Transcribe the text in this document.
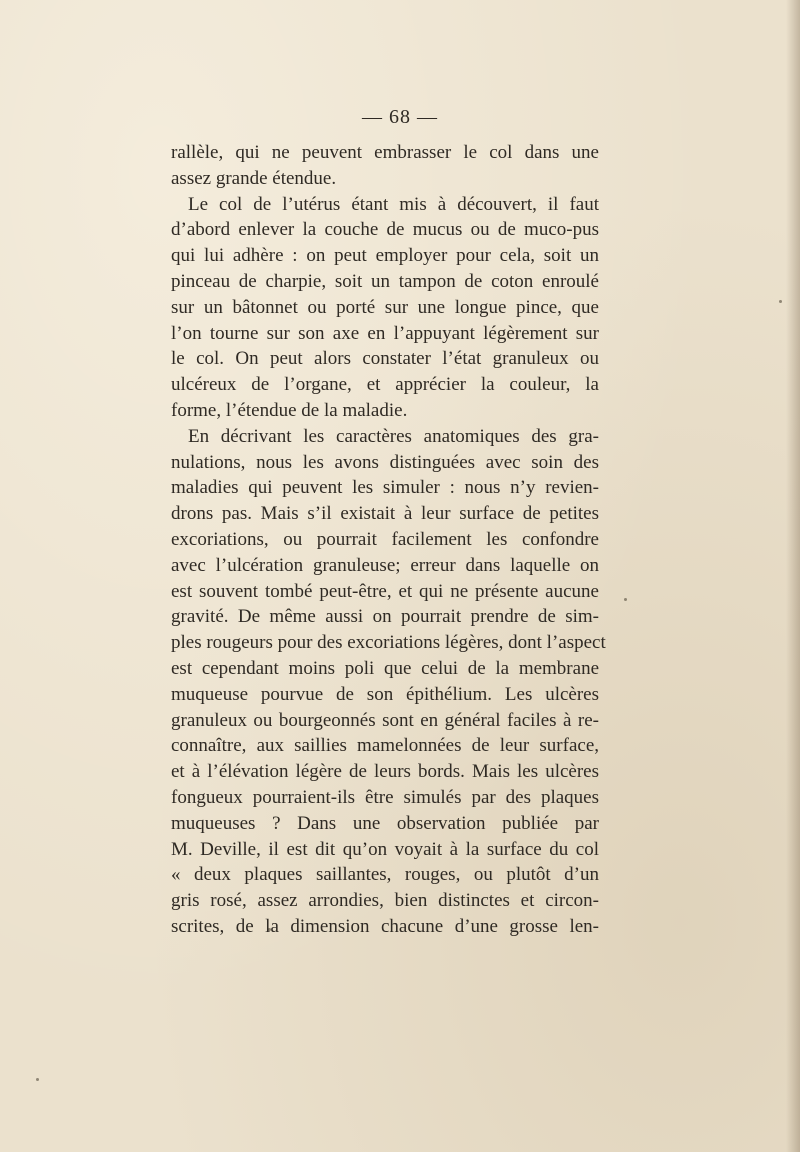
— 68 —
rallèle, qui ne peuvent embrasser le col dans une
assez grande étendue.
Le col de l’utérus étant mis à découvert, il faut
d’abord enlever la couche de mucus ou de muco-pus
qui lui adhère : on peut employer pour cela, soit un
pinceau de charpie, soit un tampon de coton enroulé
sur un bâtonnet ou porté sur une longue pince, que
l’on tourne sur son axe en l’appuyant légèrement sur
le col. On peut alors constater l’état granuleux ou
ulcéreux de l’organe, et apprécier la couleur, la
forme, l’étendue de la maladie.
En décrivant les caractères anatomiques des gra-
nulations, nous les avons distinguées avec soin des
maladies qui peuvent les simuler : nous n’y revien-
drons pas. Mais s’il existait à leur surface de petites
excoriations, ou pourrait facilement les confondre
avec l’ulcération granuleuse; erreur dans laquelle on
est souvent tombé peut-être, et qui ne présente aucune
gravité. De même aussi on pourrait prendre de sim-
ples rougeurs pour des excoriations légères, dont l’aspect
est cependant moins poli que celui de la membrane
muqueuse pourvue de son épithélium. Les ulcères
granuleux ou bourgeonnés sont en général faciles à re-
connaître, aux saillies mamelonnées de leur surface,
et à l’élévation légère de leurs bords. Mais les ulcères
fongueux pourraient-ils être simulés par des plaques
muqueuses ? Dans une observation publiée par
M. Deville, il est dit qu’on voyait à la surface du col
« deux plaques saillantes, rouges, ou plutôt d’un
gris rosé, assez arrondies, bien distinctes et circon-
scrites, de la dimension chacune d’une grosse len-
